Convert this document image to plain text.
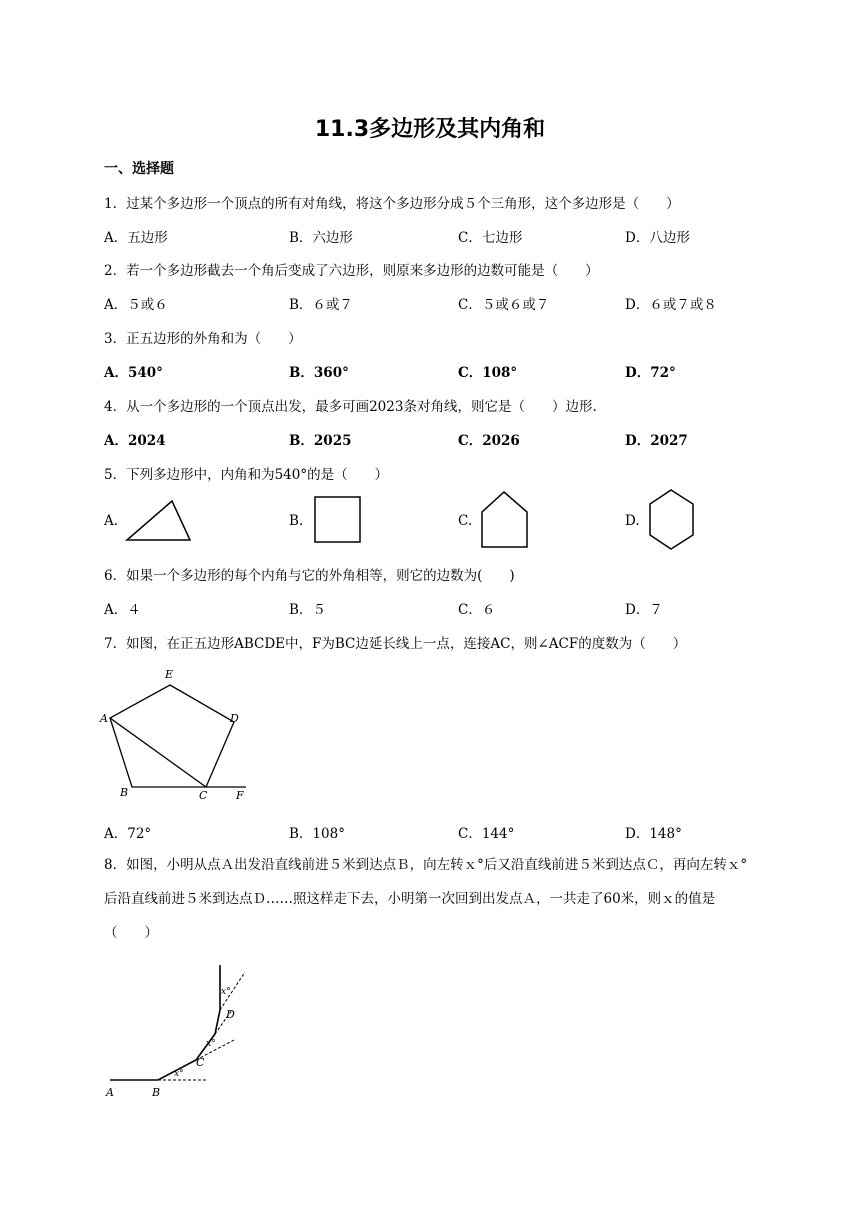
11.3多边形及其内角和
一、选择题
1．过某个多边形一个顶点的所有对角线，将这个多边形分成５个三角形，这个多边形是（　　）
A．五边形	B．六边形	C．七边形	D．八边形
2．若一个多边形截去一个角后变成了六边形，则原来多边形的边数可能是（　　）
A．５或６	B．６或７	C．５或６或７	D．６或７或８
3．正五边形的外角和为（　　）
A．540°	B．360°	C．108°	D．72°
4．从一个多边形的一个顶点出发，最多可画2023条对角线，则它是（　　）边形.
A．2024	B．2025	C．2026	D．2027
5．下列多边形中，内角和为540°的是（　　）
A.	B.	C.	D.
6．如果一个多边形的每个内角与它的外角相等，则它的边数为(　　)
A．４	B．５	C．６	D．７
7．如图，在正五边形ABCDE中，F为BC边延长线上一点，连接AC，则∠ACF的度数为（　　）
E
A	D
B	C	F
A．72°	B．108°	C．144°	D．148°
8．如图，小明从点Ａ出发沿直线前进５米到达点Ｂ，向左转ｘ°后又沿直线前进５米到达点Ｃ，再向左转ｘ°后沿直线前进５米到达点Ｄ……照这样走下去，小明第一次回到出发点Ａ，一共走了60米，则ｘ的值是（　　）
A	B
C
D
x°
x°
x°
